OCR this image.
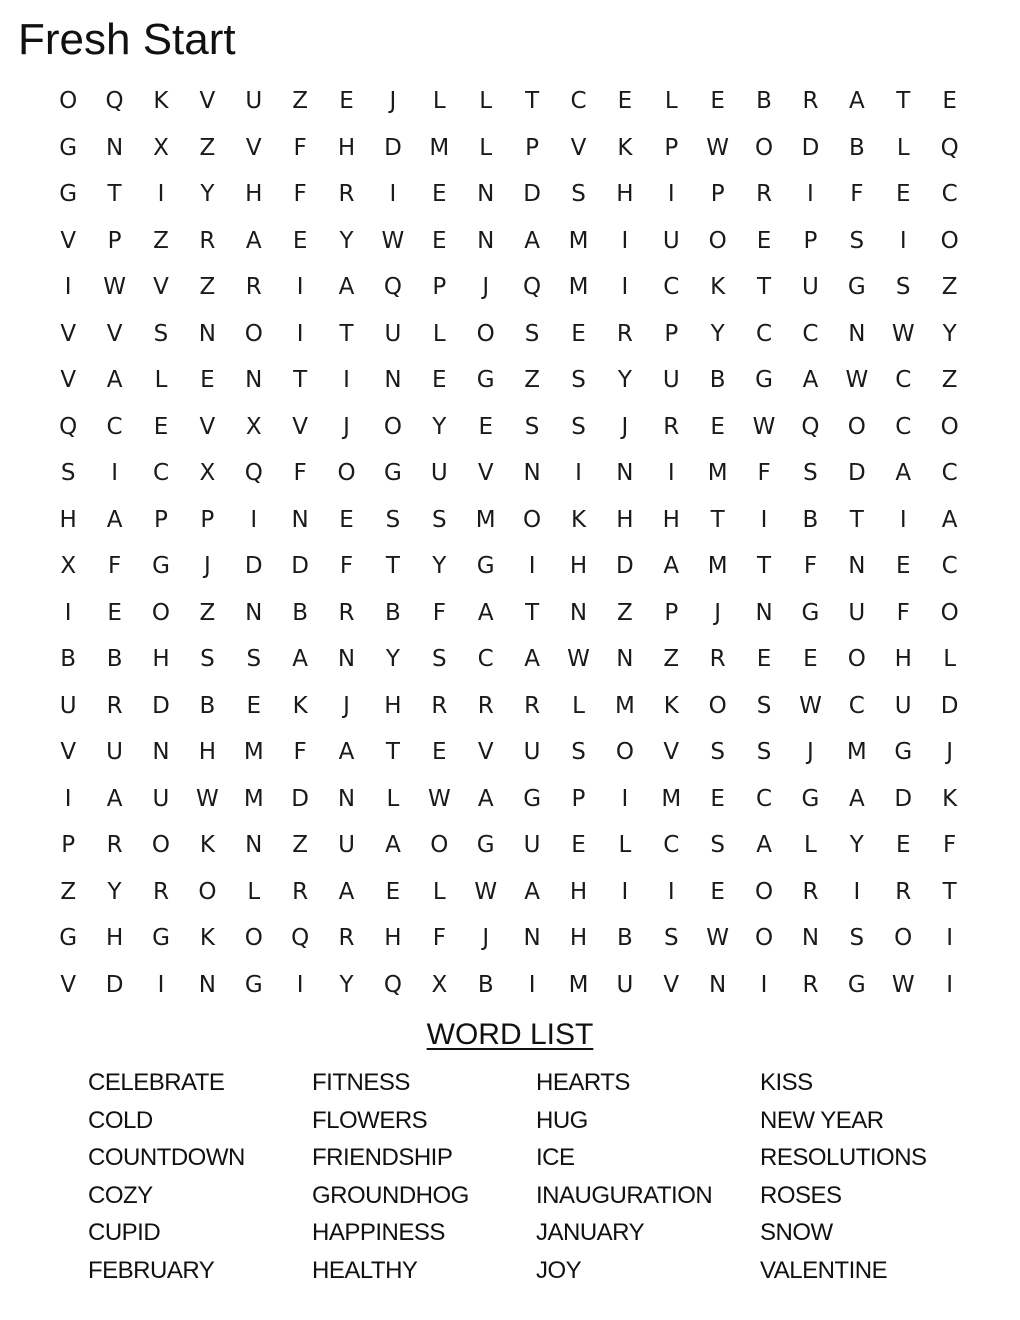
Fresh Start
O	Q	K	V	U	Z	E	J	L	L	T	C	E	L	E	B	R	A	T	E
G	N	X	Z	V	F	H	D	M	L	P	V	K	P	W	O	D	B	L	Q
G	T	I	Y	H	F	R	I	E	N	D	S	H	I	P	R	I	F	E	C
V	P	Z	R	A	E	Y	W	E	N	A	M	I	U	O	E	P	S	I	O
I	W	V	Z	R	I	A	Q	P	J	Q	M	I	C	K	T	U	G	S	Z
V	V	S	N	O	I	T	U	L	O	S	E	R	P	Y	C	C	N	W	Y
V	A	L	E	N	T	I	N	E	G	Z	S	Y	U	B	G	A	W	C	Z
Q	C	E	V	X	V	J	O	Y	E	S	S	J	R	E	W	Q	O	C	O
S	I	C	X	Q	F	O	G	U	V	N	I	N	I	M	F	S	D	A	C
H	A	P	P	I	N	E	S	S	M	O	K	H	H	T	I	B	T	I	A
X	F	G	J	D	D	F	T	Y	G	I	H	D	A	M	T	F	N	E	C
I	E	O	Z	N	B	R	B	F	A	T	N	Z	P	J	N	G	U	F	O
B	B	H	S	S	A	N	Y	S	C	A	W	N	Z	R	E	E	O	H	L
U	R	D	B	E	K	J	H	R	R	R	L	M	K	O	S	W	C	U	D
V	U	N	H	M	F	A	T	E	V	U	S	O	V	S	S	J	M	G	J
I	A	U	W	M	D	N	L	W	A	G	P	I	M	E	C	G	A	D	K
P	R	O	K	N	Z	U	A	O	G	U	E	L	C	S	A	L	Y	E	F
Z	Y	R	O	L	R	A	E	L	W	A	H	I	I	E	O	R	I	R	T
G	H	G	K	O	Q	R	H	F	J	N	H	B	S	W	O	N	S	O	I
V	D	I	N	G	I	Y	Q	X	B	I	M	U	V	N	I	R	G	W	I
WORD LIST
CELEBRATE	FITNESS	HEARTS	KISS
COLD	FLOWERS	HUG	NEW YEAR
COUNTDOWN	FRIENDSHIP	ICE	RESOLUTIONS
COZY	GROUNDHOG	INAUGURATION	ROSES
CUPID	HAPPINESS	JANUARY	SNOW
FEBRUARY	HEALTHY	JOY	VALENTINE
